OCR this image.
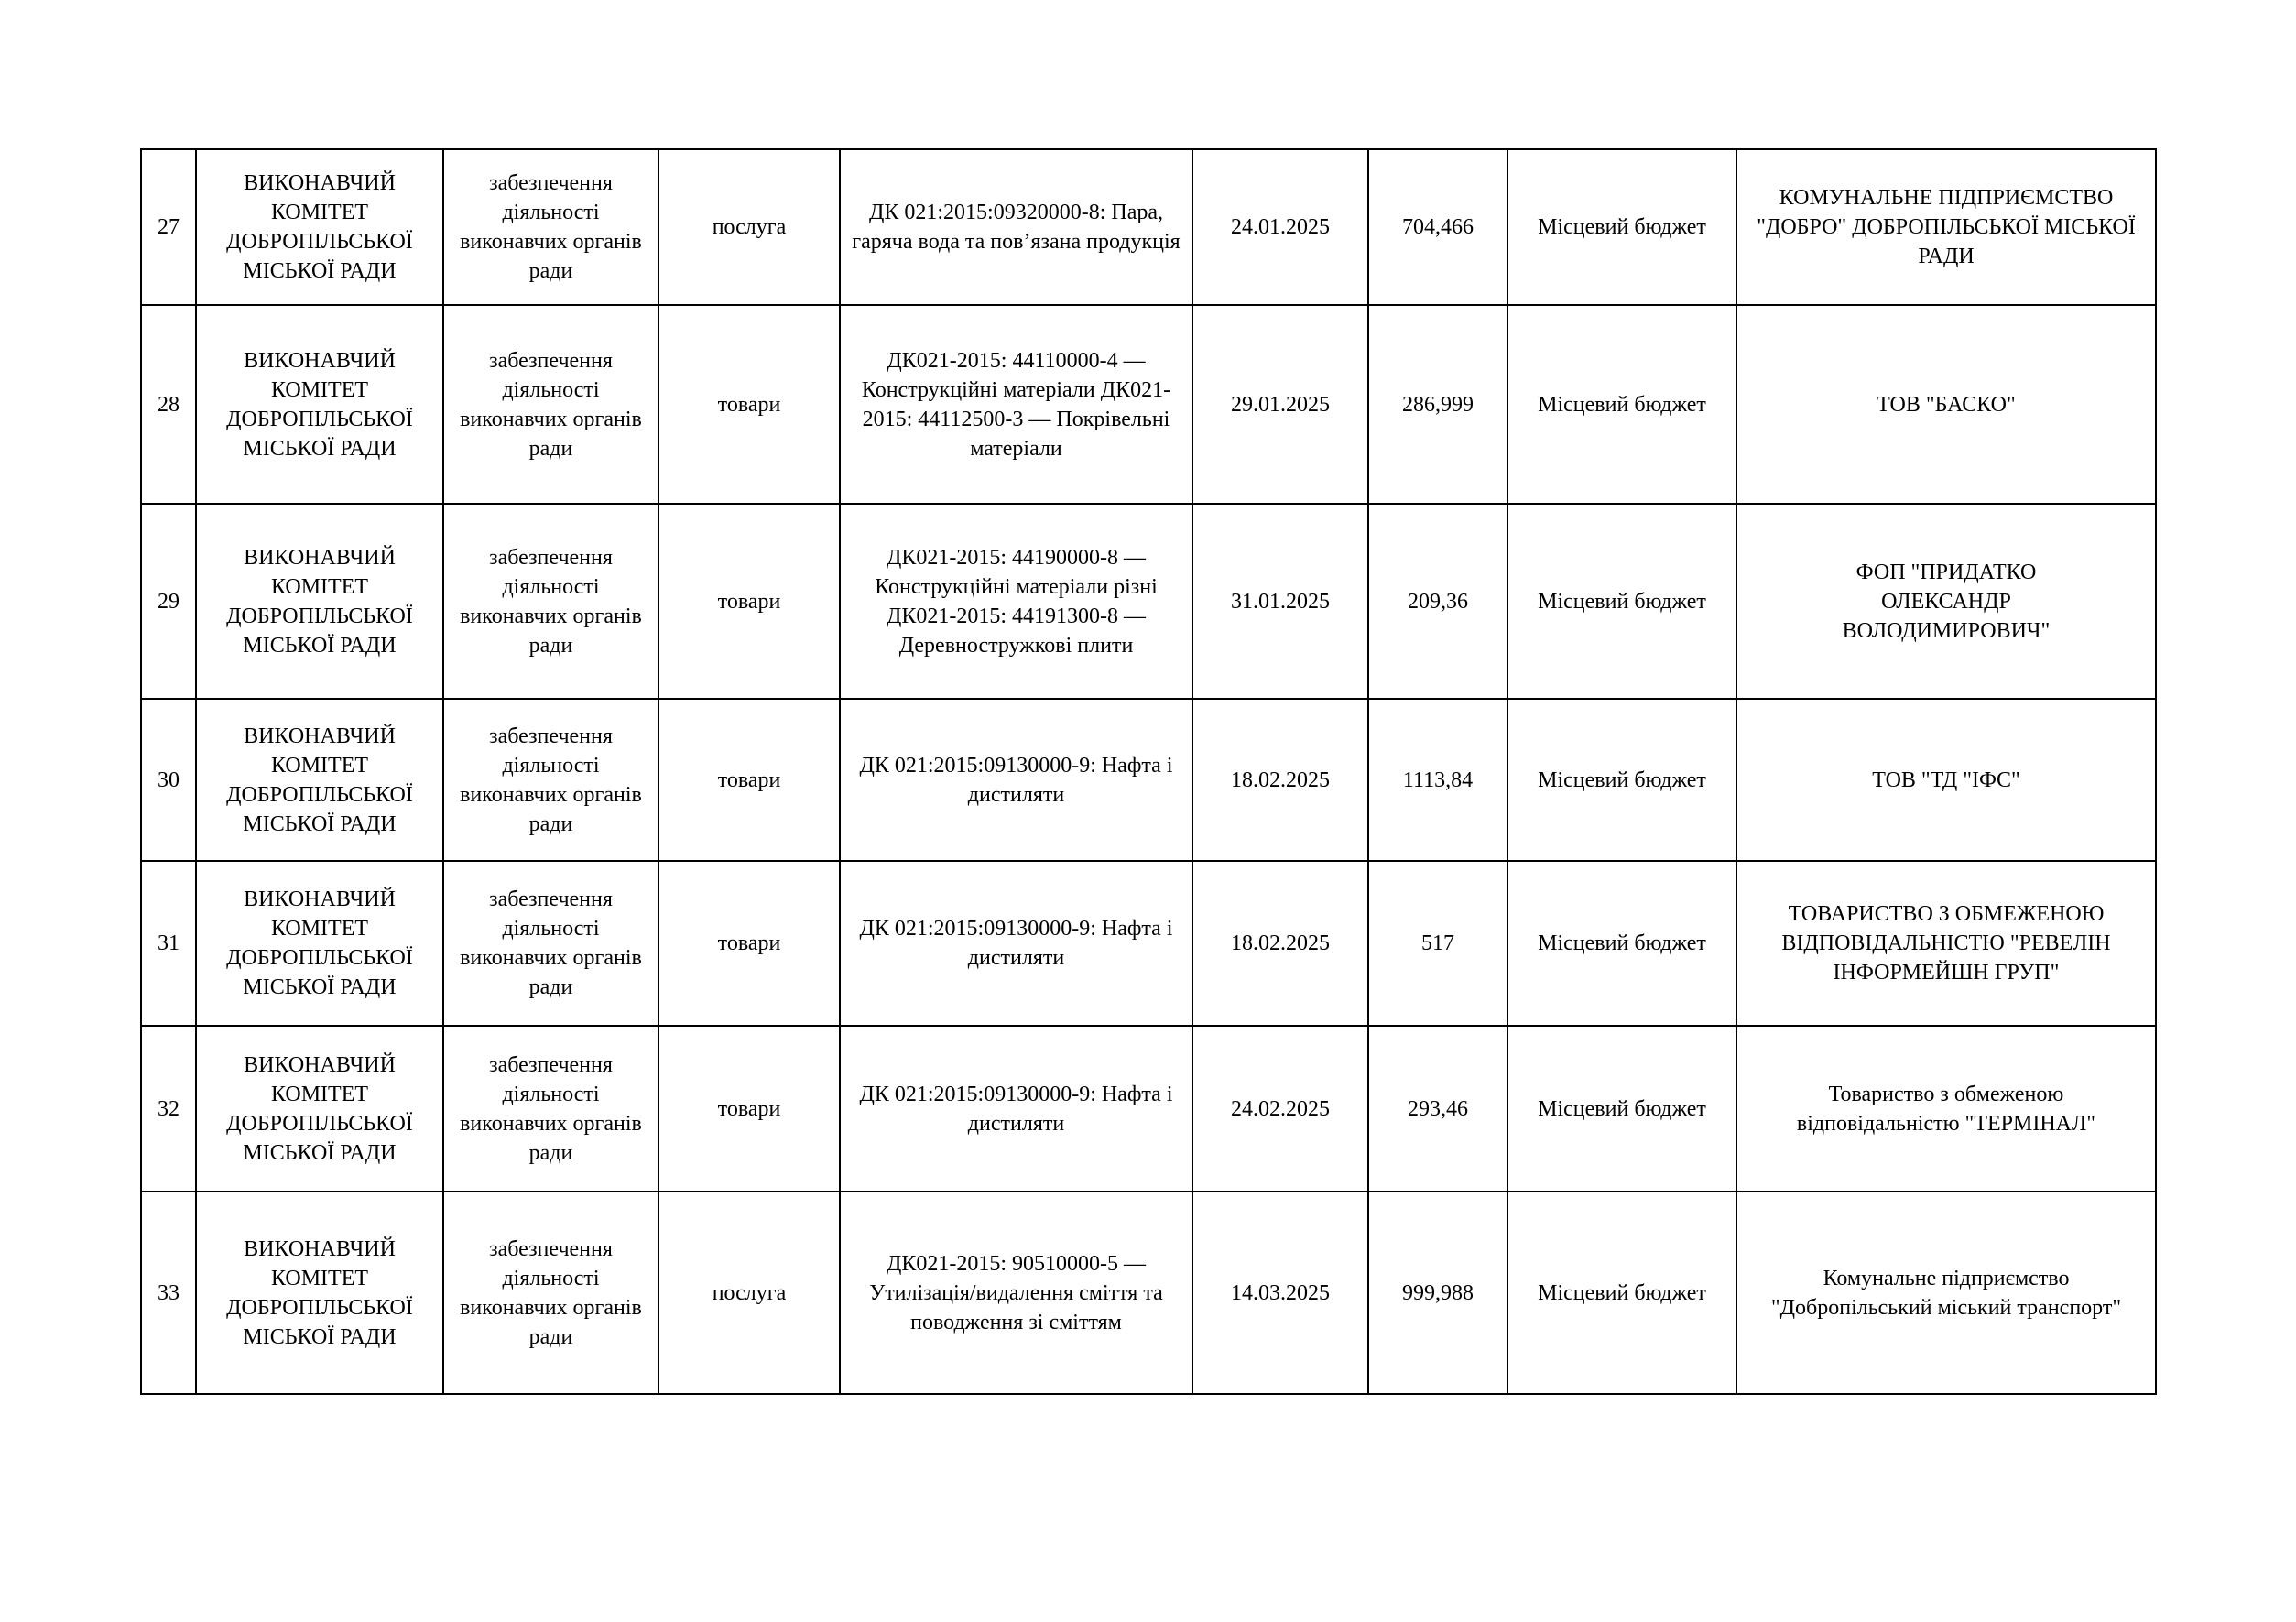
27	ВИКОНАВЧИЙ КОМІТЕТ ДОБРОПІЛЬСЬКОЇ МІСЬКОЇ РАДИ	забезпечення діяльності виконавчих органів ради	послуга	ДК 021:2015:09320000-8: Пара, гаряча вода та пов’язана продукція	24.01.2025	704,466	Місцевий бюджет	КОМУНАЛЬНЕ ПІДПРИЄМСТВО "ДОБРО" ДОБРОПІЛЬСЬКОЇ МІСЬКОЇ РАДИ
28	ВИКОНАВЧИЙ КОМІТЕТ ДОБРОПІЛЬСЬКОЇ МІСЬКОЇ РАДИ	забезпечення діяльності виконавчих органів ради	товари	ДК021-2015: 44110000-4 — Конструкційні матеріали ДК021-2015: 44112500-3 — Покрівельні матеріали	29.01.2025	286,999	Місцевий бюджет	ТОВ "БАСКО"
29	ВИКОНАВЧИЙ КОМІТЕТ ДОБРОПІЛЬСЬКОЇ МІСЬКОЇ РАДИ	забезпечення діяльності виконавчих органів ради	товари	ДК021-2015: 44190000-8 — Конструкційні матеріали різні ДК021-2015: 44191300-8 — Деревностружкові плити	31.01.2025	209,36	Місцевий бюджет	ФОП "ПРИДАТКО ОЛЕКСАНДР ВОЛОДИМИРОВИЧ"
30	ВИКОНАВЧИЙ КОМІТЕТ ДОБРОПІЛЬСЬКОЇ МІСЬКОЇ РАДИ	забезпечення діяльності виконавчих органів ради	товари	ДК 021:2015:09130000-9: Нафта і дистиляти	18.02.2025	1113,84	Місцевий бюджет	ТОВ "ТД "ІФС"
31	ВИКОНАВЧИЙ КОМІТЕТ ДОБРОПІЛЬСЬКОЇ МІСЬКОЇ РАДИ	забезпечення діяльності виконавчих органів ради	товари	ДК 021:2015:09130000-9: Нафта і дистиляти	18.02.2025	517	Місцевий бюджет	ТОВАРИСТВО З ОБМЕЖЕНОЮ ВІДПОВІДАЛЬНІСТЮ "РЕВЕЛІН ІНФОРМЕЙШН ГРУП"
32	ВИКОНАВЧИЙ КОМІТЕТ ДОБРОПІЛЬСЬКОЇ МІСЬКОЇ РАДИ	забезпечення діяльності виконавчих органів ради	товари	ДК 021:2015:09130000-9: Нафта і дистиляти	24.02.2025	293,46	Місцевий бюджет	Товариство з обмеженою відповідальністю "ТЕРМІНАЛ"
33	ВИКОНАВЧИЙ КОМІТЕТ ДОБРОПІЛЬСЬКОЇ МІСЬКОЇ РАДИ	забезпечення діяльності виконавчих органів ради	послуга	ДК021-2015: 90510000-5 — Утилізація/видалення сміття та поводження зі сміттям	14.03.2025	999,988	Місцевий бюджет	Комунальне підприємство "Добропільський міський транспорт"
